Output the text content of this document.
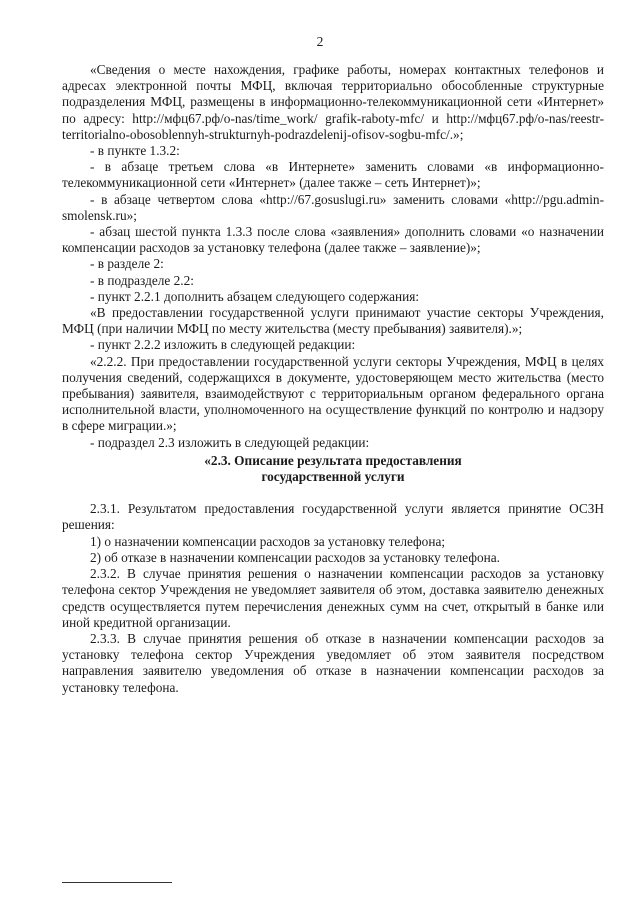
2

«Сведения о месте нахождения, графике работы, номерах контактных телефонов и адресах электронной почты МФЦ, включая территориально обособленные структурные подразделения МФЦ, размещены в информационно-телекоммуникационной сети «Интернет» по адресу: http://мфц67.рф/o-nas/time_work/ grafik-raboty-mfc/ и http://мфц67.рф/o-nas/reestr-territorialno-obosoblennyh-strukturnyh-podrazdelenij-ofisov-sogbu-mfc/.»;

- в пункте 1.3.2:

- в абзаце третьем слова «в Интернете» заменить словами «в информационно-телекоммуникационной сети «Интернет» (далее также – сеть Интернет)»;

- в абзаце четвертом слова «http://67.gosuslugi.ru» заменить словами «http://pgu.admin-smolensk.ru»;

- абзац шестой пункта 1.3.3 после слова «заявления» дополнить словами «о назначении компенсации расходов за установку телефона (далее также – заявление)»;

- в разделе 2:

- в подразделе 2.2:

- пункт 2.2.1 дополнить абзацем следующего содержания:

«В предоставлении государственной услуги принимают участие секторы Учреждения, МФЦ (при наличии МФЦ по месту жительства (месту пребывания) заявителя).»;

- пункт 2.2.2 изложить в следующей редакции:

«2.2.2. При предоставлении государственной услуги секторы Учреждения, МФЦ в целях получения сведений, содержащихся в документе, удостоверяющем место жительства (место пребывания) заявителя, взаимодействуют с территориальным органом федерального органа исполнительной власти, уполномоченного на осуществление функций по контролю и надзору в сфере миграции.»;

- подраздел 2.3 изложить в следующей редакции:

«2.3. Описание результата предоставления
государственной услуги

2.3.1. Результатом предоставления государственной услуги является принятие ОСЗН решения:

1) о назначении компенсации расходов за установку телефона;

2) об отказе в назначении компенсации расходов за установку телефона.

2.3.2. В случае принятия решения о назначении компенсации расходов за установку телефона сектор Учреждения не уведомляет заявителя об этом, доставка заявителю денежных средств осуществляется путем перечисления денежных сумм на счет, открытый в банке или иной кредитной организации.

2.3.3. В случае принятия решения об отказе в назначении компенсации расходов за установку телефона сектор Учреждения уведомляет об этом заявителя посредством направления заявителю уведомления об отказе в назначении компенсации расходов за установку телефона.
